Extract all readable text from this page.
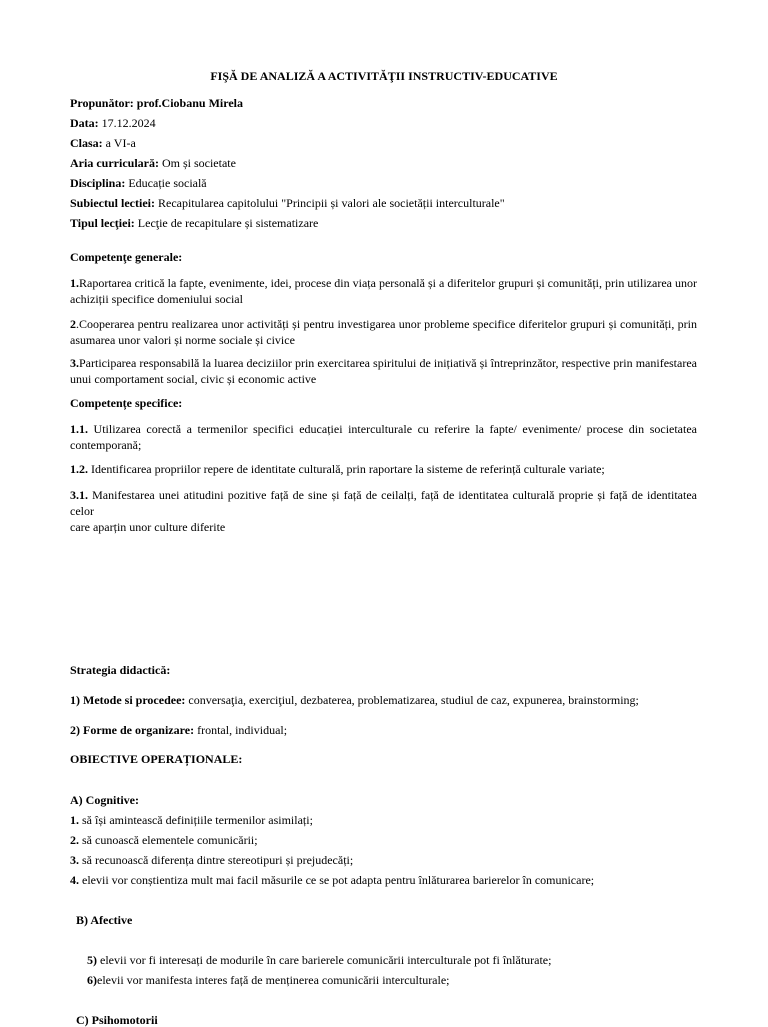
FIŞĂ DE ANALIZĂ A ACTIVITĂŢII INSTRUCTIV-EDUCATIVE
Propunător: prof.Ciobanu Mirela
Data: 17.12.2024
Clasa: a VI-a
Aria curriculară: Om și societate
Disciplina: Educație socială
Subiectul lectiei: Recapitularea capitolului "Principii și valori ale societății interculturale"
Tipul lecţiei: Lecţie de recapitulare și sistematizare
Competenţe generale:
1.Raportarea critică la fapte, evenimente, idei, procese din viața personală și a diferitelor grupuri și comunități, prin utilizarea unor
achiziții specifice domeniului social
2.Cooperarea pentru realizarea unor activități și pentru investigarea unor probleme specifice diferitelor grupuri și comunități, prin
asumarea unor valori și norme sociale și civice
3.Participarea responsabilă la luarea deciziilor prin exercitarea spiritului de inițiativă și întreprinzător, respective prin manifestarea
unui comportament social, civic și economic active
Competențe specifice:
1.1. Utilizarea corectă a termenilor specifici educației interculturale cu referire la fapte/ evenimente/ procese din societatea
contemporană;
1.2. Identificarea propriilor repere de identitate culturală, prin raportare la sisteme de referință culturale variate;
3.1. Manifestarea unei atitudini pozitive față de sine și față de ceilalți, față de identitatea culturală proprie și față de identitatea celor
care aparțin unor culture diferite
Strategia didactică:
1) Metode si procedee: conversaţia, exerciţiul, dezbaterea, problematizarea, studiul de caz, expunerea, brainstorming;
2) Forme de organizare: frontal, individual;
OBIECTIVE OPERAȚIONALE:
A) Cognitive:
1. să își amintească definițiile termenilor asimilați;
2. să cunoască elementele comunicării;
3. să recunoască diferența dintre stereotipuri și prejudecăți;
4. elevii vor conștientiza mult mai facil măsurile ce se pot adapta pentru înlăturarea barierelor în comunicare;
B) Afective
5) elevii vor fi interesați de modurile în care barierele comunicării interculturale pot fi înlăturate;
6)elevii vor manifesta interes față de menținerea comunicării interculturale;
C) Psihomotorii
